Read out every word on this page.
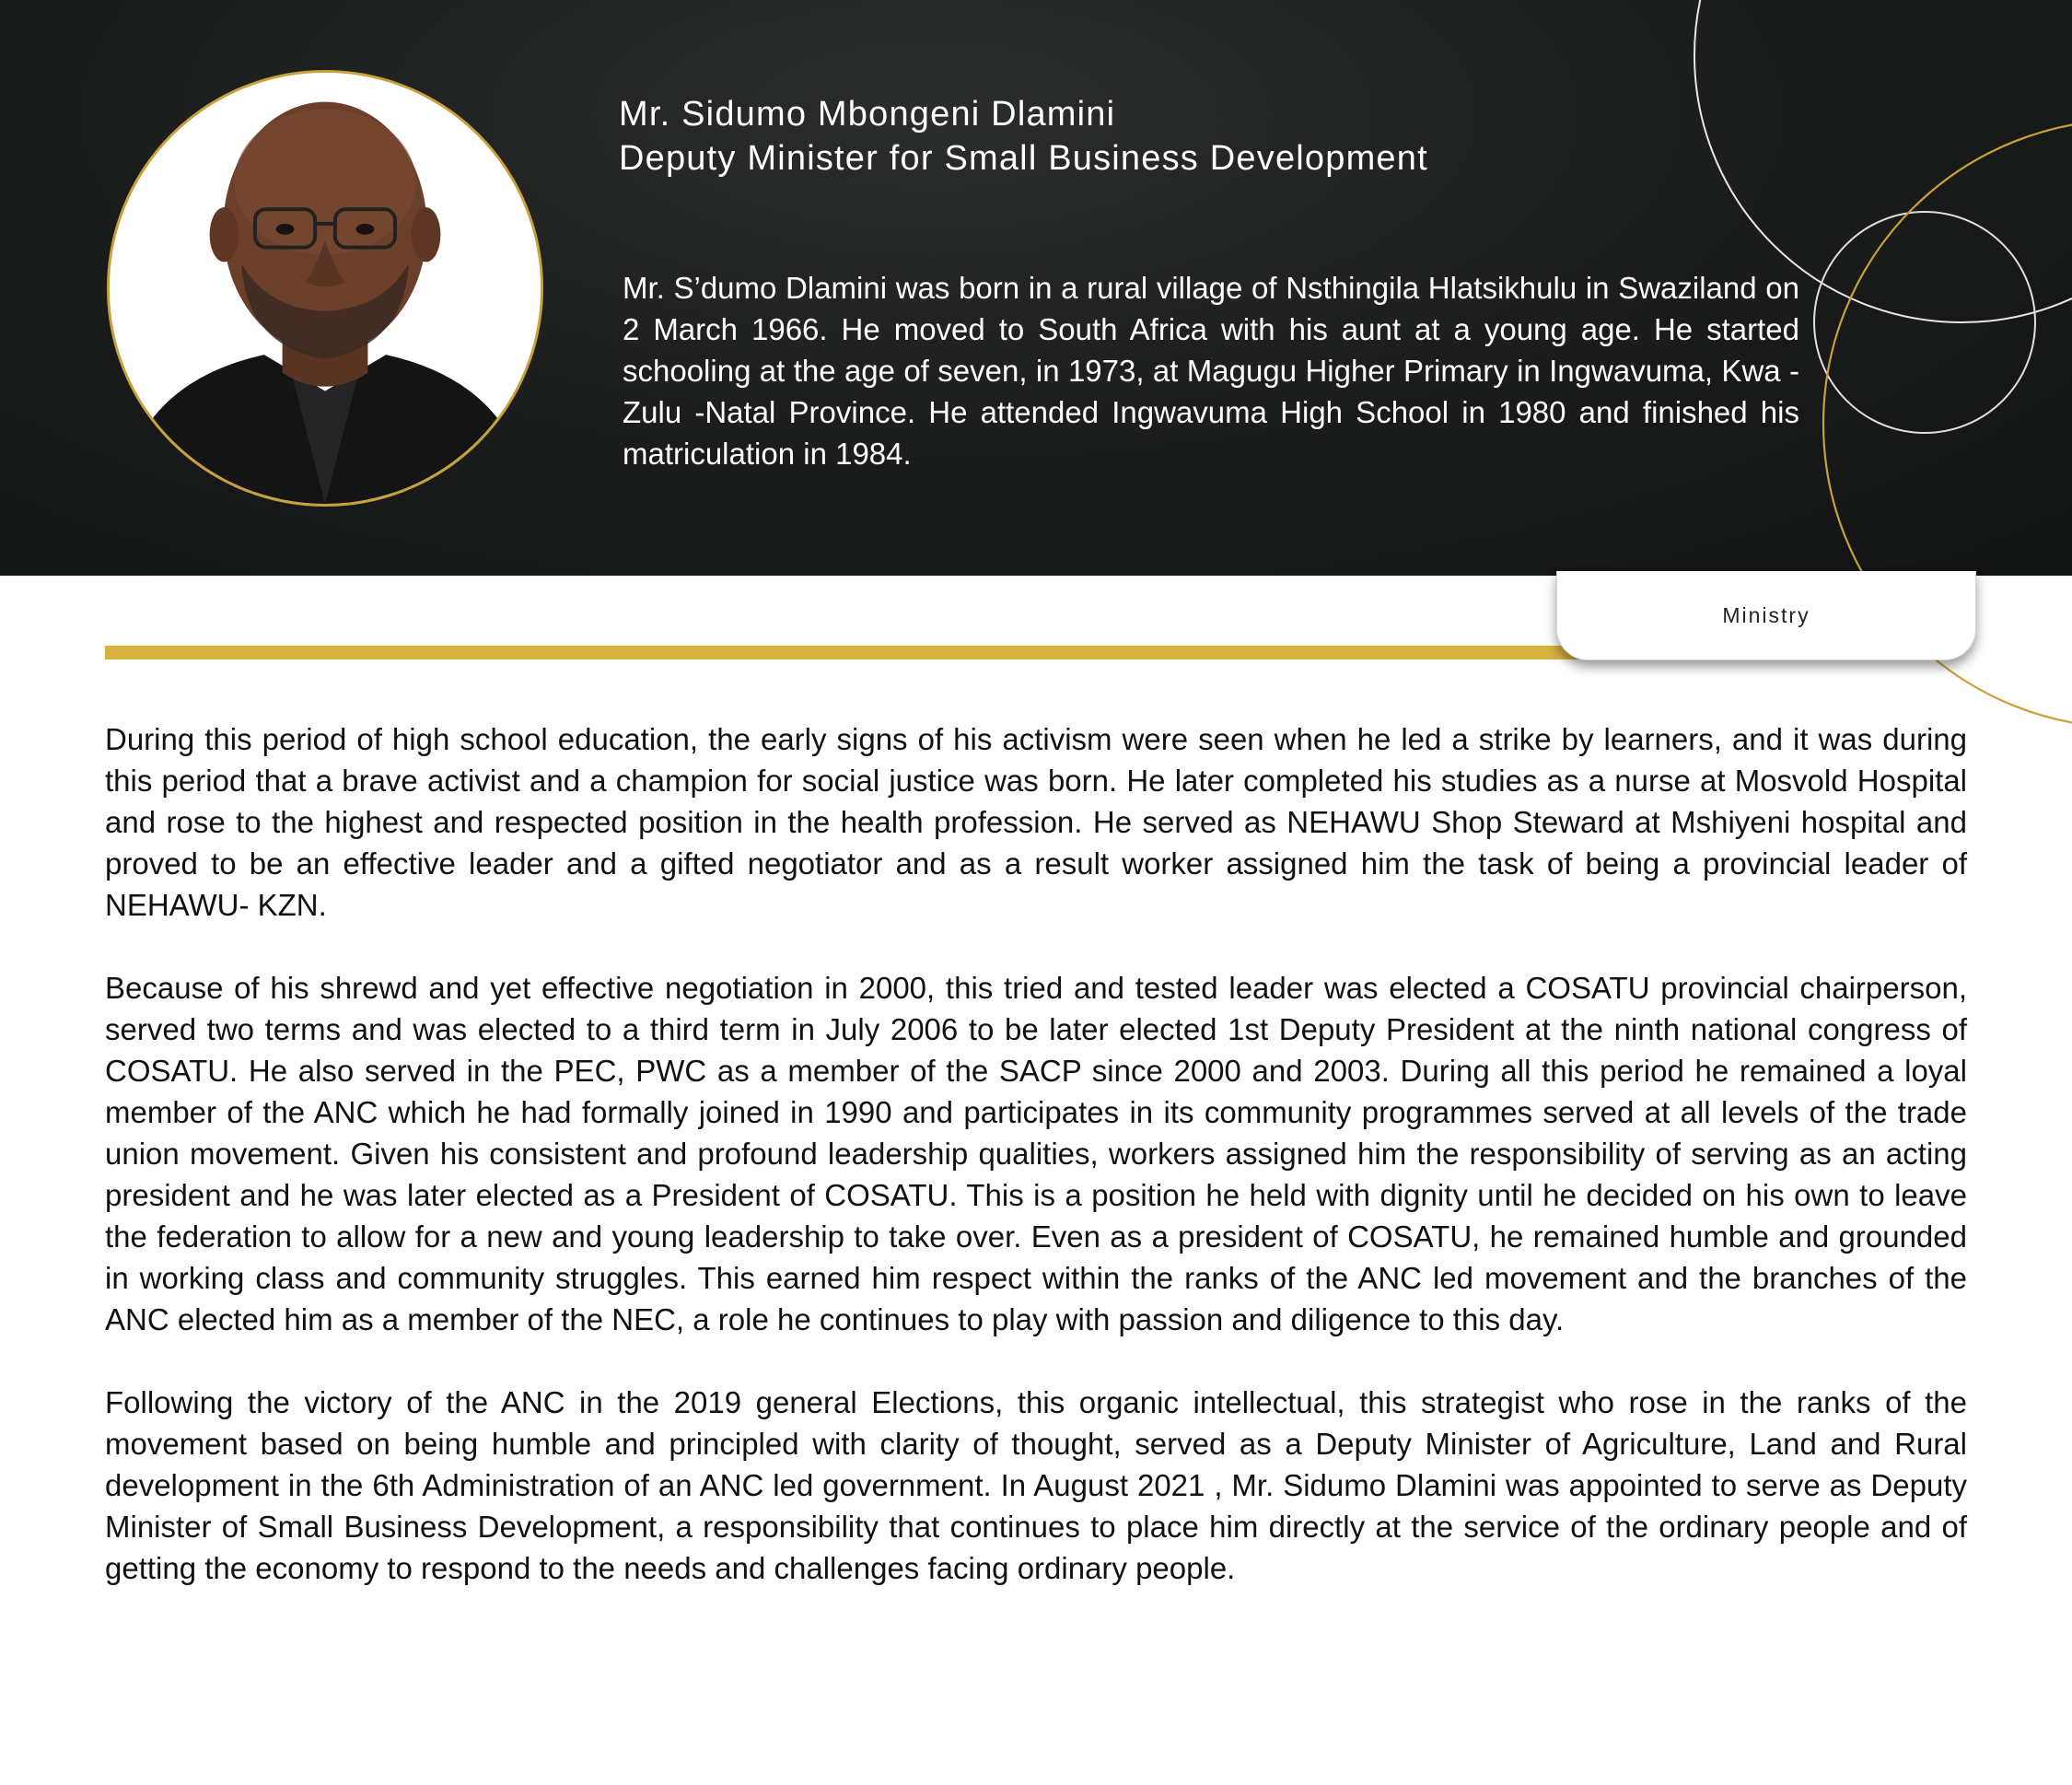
Mr. Sidumo Mbongeni Dlamini
Deputy Minister for Small Business Development
Mr. S’dumo Dlamini was born in a rural village of Nsthingila Hlatsikhulu in Swaziland on 2 March 1966. He moved to South Africa with his aunt at a young age. He started schooling at the age of seven, in 1973, at Magugu Higher Primary in Ingwavuma, Kwa - Zulu -Natal Province. He attended Ingwavuma High School in 1980 and finished his matriculation in 1984.
Ministry

During this period of high school education, the early signs of his activism were seen when he led a strike by learners, and it was during this period that a brave activist and a champion for social justice was born. He later completed his studies as a nurse at Mosvold Hospital and rose to the highest and respected position in the health profession. He served as NEHAWU Shop Steward at Mshiyeni hospital and proved to be an effective leader and a gifted negotiator and as a result worker assigned him the task of being a provincial leader of NEHAWU- KZN.

Because of his shrewd and yet effective negotiation in 2000, this tried and tested leader was elected a COSATU provincial chairperson, served two terms and was elected to a third term in July 2006 to be later elected 1st Deputy President at the ninth national congress of COSATU. He also served in the PEC, PWC as a member of the SACP since 2000 and 2003. During all this period he remained a loyal member of the ANC which he had formally joined in 1990 and participates in its community programmes served at all levels of the trade union movement. Given his consistent and profound leadership qualities, workers assigned him the responsibility of serving as an acting president and he was later elected as a President of COSATU. This is a position he held with dignity until he decided on his own to leave the federation to allow for a new and young leadership to take over. Even as a president of COSATU, he remained humble and grounded in working class and community struggles. This earned him respect within the ranks of the ANC led movement and the branches of the ANC elected him as a member of the NEC, a role he continues to play with passion and diligence to this day.

Following the victory of the ANC in the 2019 general Elections, this organic intellectual, this strategist who rose in the ranks of the movement based on being humble and principled with clarity of thought, served as a Deputy Minister of Agriculture, Land and Rural development in the 6th Administration of an ANC led government. In August 2021 , Mr. Sidumo Dlamini was appointed to serve as Deputy Minister of Small Business Development, a responsibility that continues to place him directly at the service of the ordinary people and of getting the economy to respond to the needs and challenges facing ordinary people.
